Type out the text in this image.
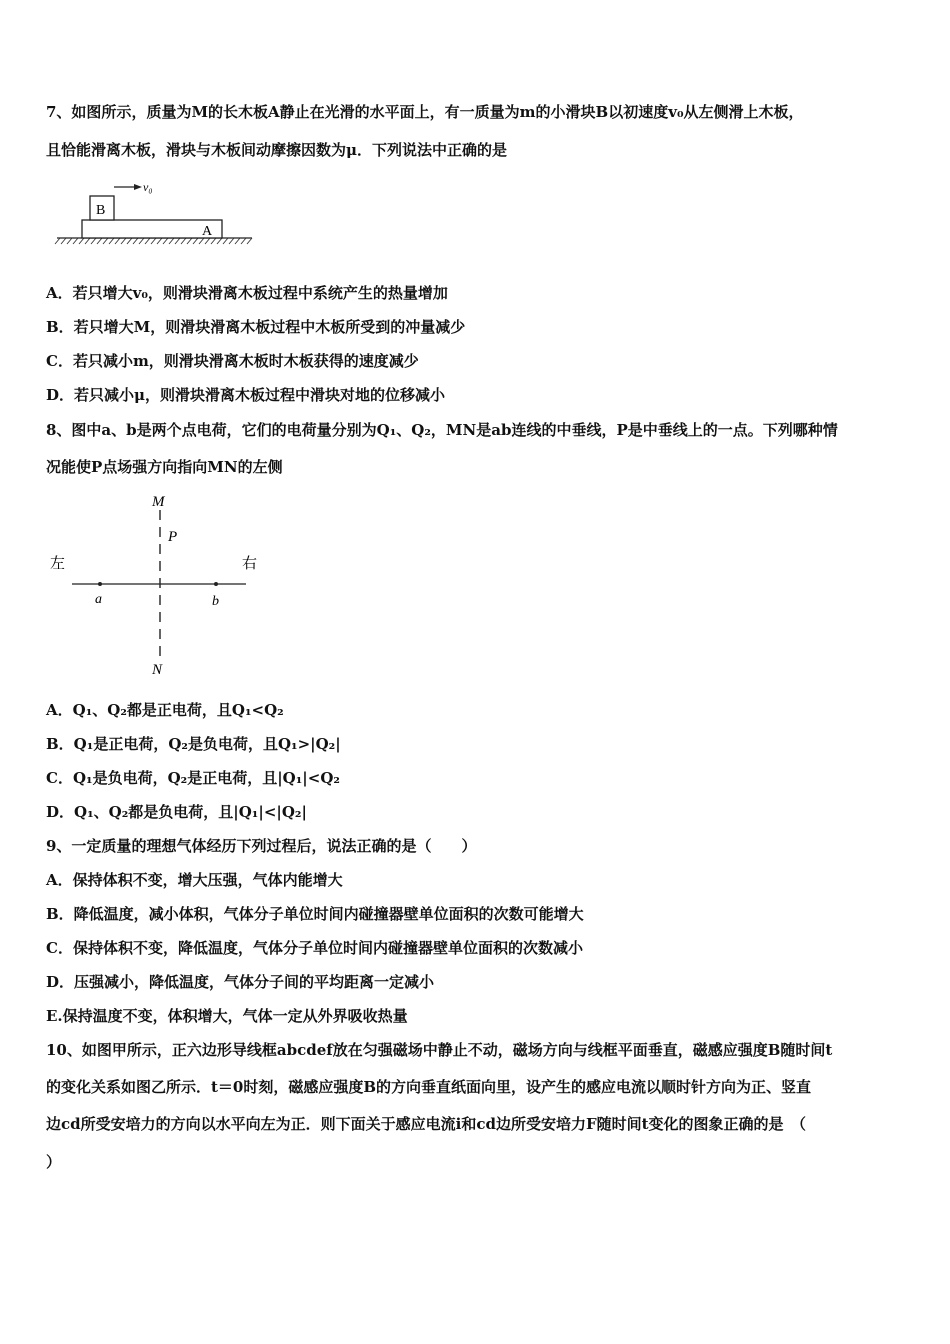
7、如图所示，质量为M的长木板A静止在光滑的水平面上，有一质量为m的小滑块B以初速度v₀从左侧滑上木板，
且恰能滑离木板，滑块与木板间动摩擦因数为μ．下列说法中正确的是
A
B
v₀
A．若只增大v₀，则滑块滑离木板过程中系统产生的热量增加
B．若只增大M，则滑块滑离木板过程中木板所受到的冲量减少
C．若只减小m，则滑块滑离木板时木板获得的速度减少
D．若只减小μ，则滑块滑离木板过程中滑块对地的位移减小
8、图中a、b是两个点电荷，它们的电荷量分别为Q₁、Q₂，MN是ab连线的中垂线，P是中垂线上的一点。下列哪种情
况能使P点场强方向指向MN的左侧
M
N
P
左	右
a	b
A．Q₁、Q₂都是正电荷，且Q₁<Q₂
B．Q₁是正电荷，Q₂是负电荷，且Q₁>|Q₂|
C．Q₁是负电荷，Q₂是正电荷，且|Q₁|<Q₂
D．Q₁、Q₂都是负电荷，且|Q₁|<|Q₂|
9、一定质量的理想气体经历下列过程后，说法正确的是（　　）
A．保持体积不变，增大压强，气体内能增大
B．降低温度，减小体积，气体分子单位时间内碰撞器壁单位面积的次数可能增大
C．保持体积不变，降低温度，气体分子单位时间内碰撞器壁单位面积的次数减小
D．压强减小，降低温度，气体分子间的平均距离一定减小
E.保持温度不变，体积增大，气体一定从外界吸收热量
10、如图甲所示，正六边形导线框abcdef放在匀强磁场中静止不动，磁场方向与线框平面垂直，磁感应强度B随时间t
的变化关系如图乙所示．t＝0时刻，磁感应强度B的方向垂直纸面向里，设产生的感应电流以顺时针方向为正、竖直
边cd所受安培力的方向以水平向左为正．则下面关于感应电流i和cd边所受安培力F随时间t变化的图象正确的是　（
）
